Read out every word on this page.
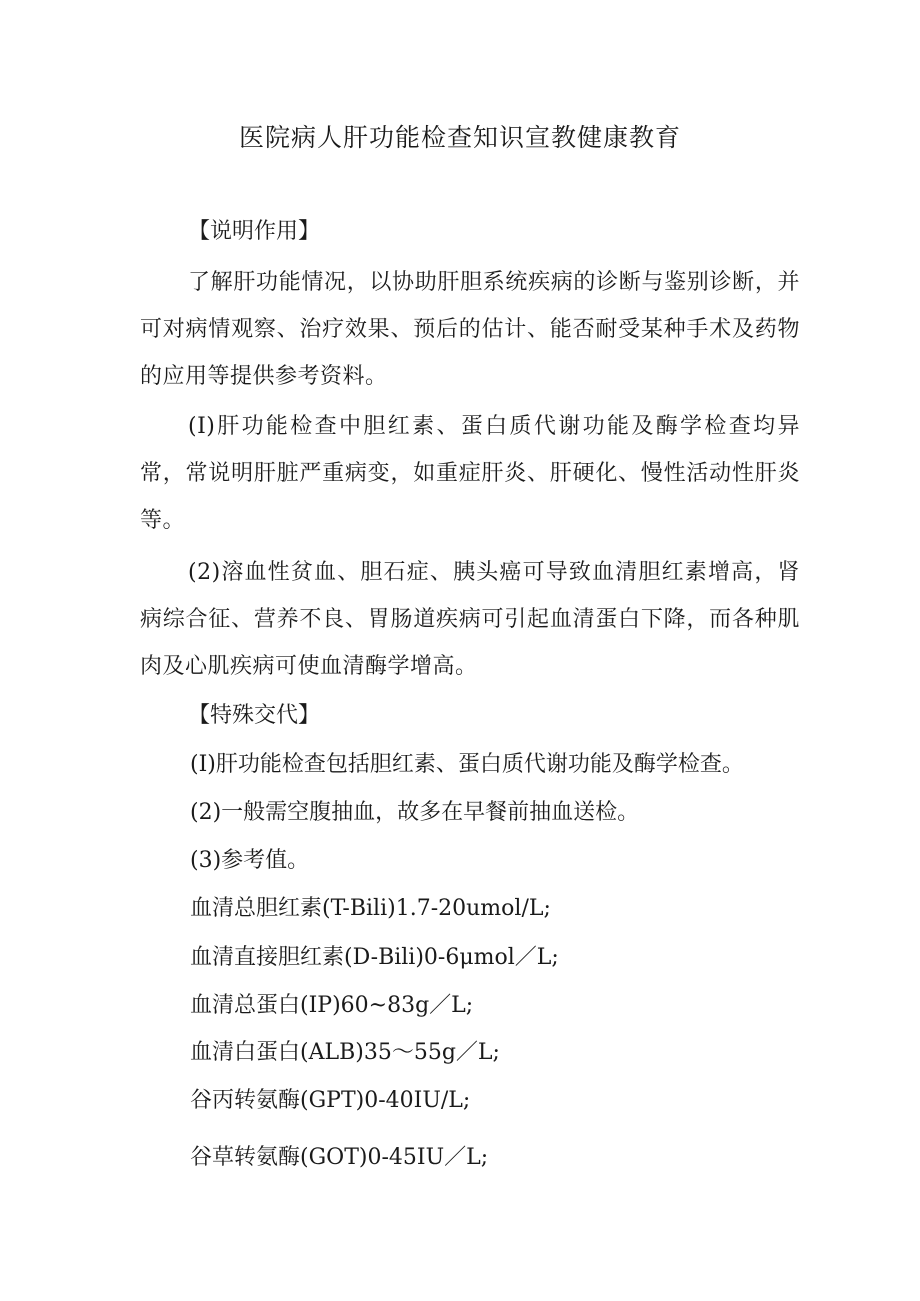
医院病人肝功能检查知识宣教健康教育
【说明作用】
了解肝功能情况，以协助肝胆系统疾病的诊断与鉴别诊断，并可对病情观察、治疗效果、预后的估计、能否耐受某种手术及药物的应用等提供参考资料。
(I)肝功能检查中胆红素、蛋白质代谢功能及酶学检查均异常，常说明肝脏严重病变，如重症肝炎、肝硬化、慢性活动性肝炎等。
(2)溶血性贫血、胆石症、胰头癌可导致血清胆红素增高，肾病综合征、营养不良、胃肠道疾病可引起血清蛋白下降，而各种肌肉及心肌疾病可使血清酶学增高。
【特殊交代】
(I)肝功能检查包括胆红素、蛋白质代谢功能及酶学检查。
(2)一般需空腹抽血，故多在早餐前抽血送检。
(3)参考值。
血清总胆红素(T-Bili)1.7-20umol/L;
血清直接胆红素(D-Bili)0-6μmol／L;
血清总蛋白(IP)60~83g／L;
血清白蛋白(ALB)35～55g／L;
谷丙转氨酶(GPT)0-40IU/L;
谷草转氨酶(GOT)0-45IU／L;
